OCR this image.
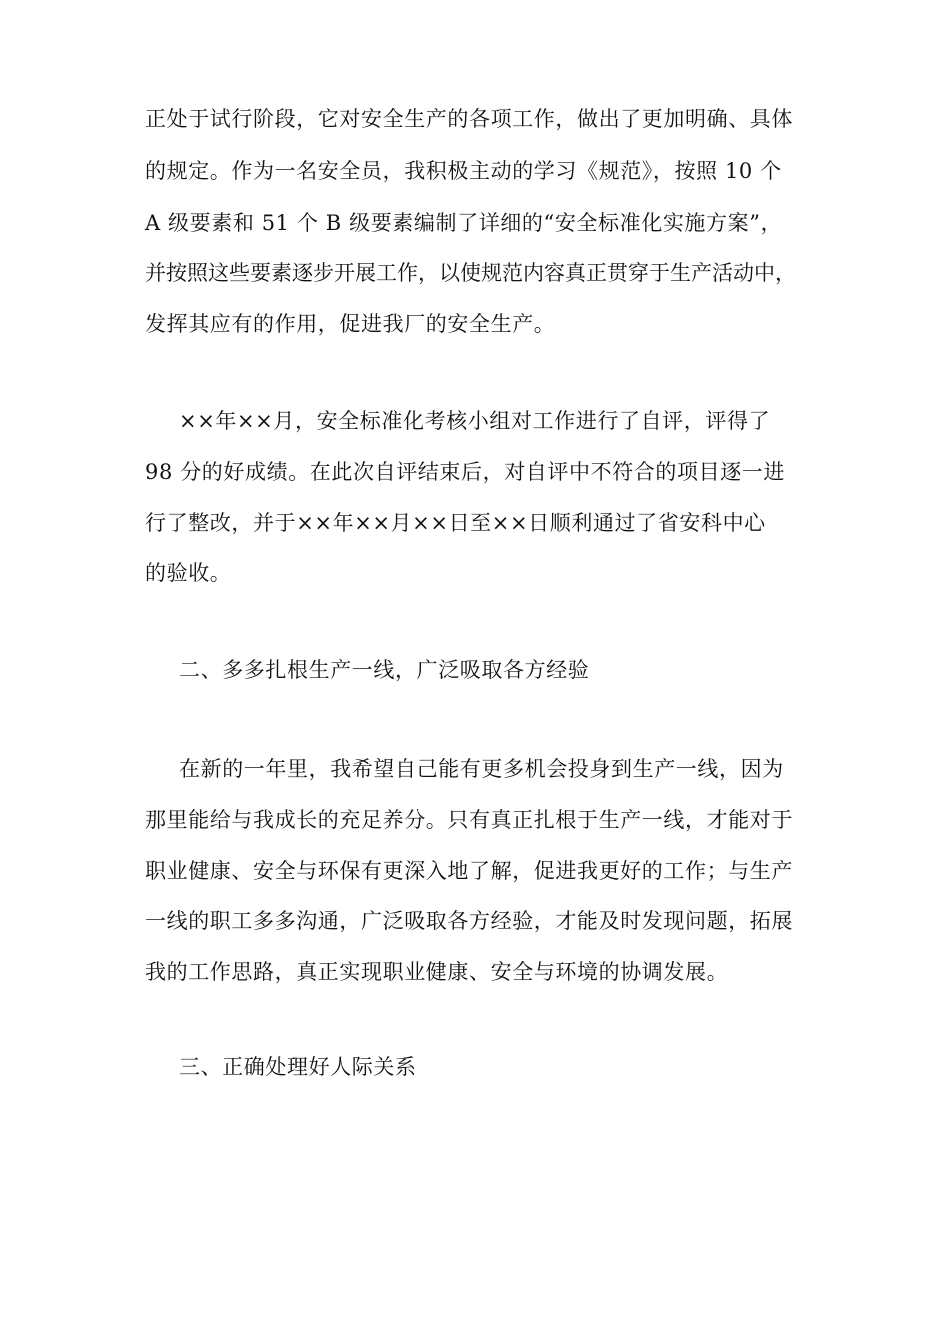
正处于试行阶段，它对安全生产的各项工作，做出了更加明确、具体
的规定。作为一名安全员，我积极主动的学习《规范》，按照 10 个
A 级要素和 51 个 B 级要素编制了详细的“安全标准化实施方案”，
并按照这些要素逐步开展工作，以使规范内容真正贯穿于生产活动中，
发挥其应有的作用，促进我厂的安全生产。
××年××月，安全标准化考核小组对工作进行了自评，评得了
98 分的好成绩。在此次自评结束后，对自评中不符合的项目逐一进
行了整改，并于××年××月××日至××日顺利通过了省安科中心
的验收。
二、多多扎根生产一线，广泛吸取各方经验
在新的一年里，我希望自己能有更多机会投身到生产一线，因为
那里能给与我成长的充足养分。只有真正扎根于生产一线，才能对于
职业健康、安全与环保有更深入地了解，促进我更好的工作；与生产
一线的职工多多沟通，广泛吸取各方经验，才能及时发现问题，拓展
我的工作思路，真正实现职业健康、安全与环境的协调发展。
三、正确处理好人际关系
